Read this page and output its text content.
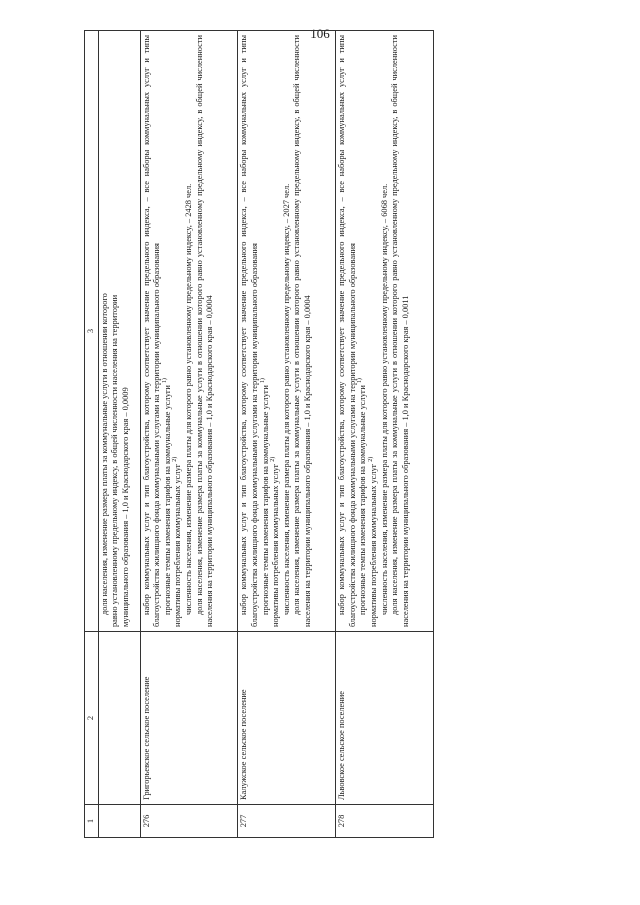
106
1	2	3

		доля населения, изменение размера платы за коммунальные услуги в отношении которого равно установленному предельному индексу, в общей численности населения на территории муниципального образования – 1,0 и Краснодарского края – 0,0009

276	Григорьевское сельское поселение	набор коммунальных услуг и тип благоустройства, которому соответствует значение предельного индекса, – все наборы коммунальных услуг и типы благоустройства жилищного фонда коммунальными услугами на территории муниципального образования прогнозные темпы изменения тарифов на коммунальные услуги $^{1)}$
нормативы потребления коммунальных услуг $^{2)}$ численность населения, изменение размера платы для которого равно установленному предельному индексу, – 2428 чел. доля населения, изменение размера платы за коммунальные услуги в отношении которого равно установленному предельному индексу, в общей численности населения на территории муниципального образования – 1,0 и Краснодарского края – 0,0004

277	Калужское сельское поселение	набор коммунальных услуг и тип благоустройства, которому соответствует значение предельного индекса, – все наборы коммунальных услуг и типы благоустройства жилищного фонда коммунальными услугами на территории муниципального образования прогнозные темпы изменения тарифов на коммунальные услуги $^{1)}$
нормативы потребления коммунальных услуг $^{2)}$ численность населения, изменение размера платы для которого равно установленному предельному индексу, – 2027 чел. доля населения, изменение размера платы за коммунальные услуги в отношении которого равно установленному предельному индексу, в общей численности населения на территории муниципального образования – 1,0 и Краснодарского края – 0,0004

278	Львовское сельское поселение	набор коммунальных услуг и тип благоустройства, которому соответствует значение предельного индекса, – все наборы коммунальных услуг и типы благоустройства жилищного фонда коммунальными услугами на территории муниципального образования прогнозные темпы изменения тарифов на коммунальные услуги $^{1)}$
нормативы потребления коммунальных услуг $^{2)}$ численность населения, изменение размера платы для которого равно установленному предельному индексу, – 6068 чел. доля населения, изменение размера платы за коммунальные услуги в отношении которого равно установленному предельному индексу, в общей численности населения на территории муниципального образования – 1,0 и Краснодарского края – 0,0011
